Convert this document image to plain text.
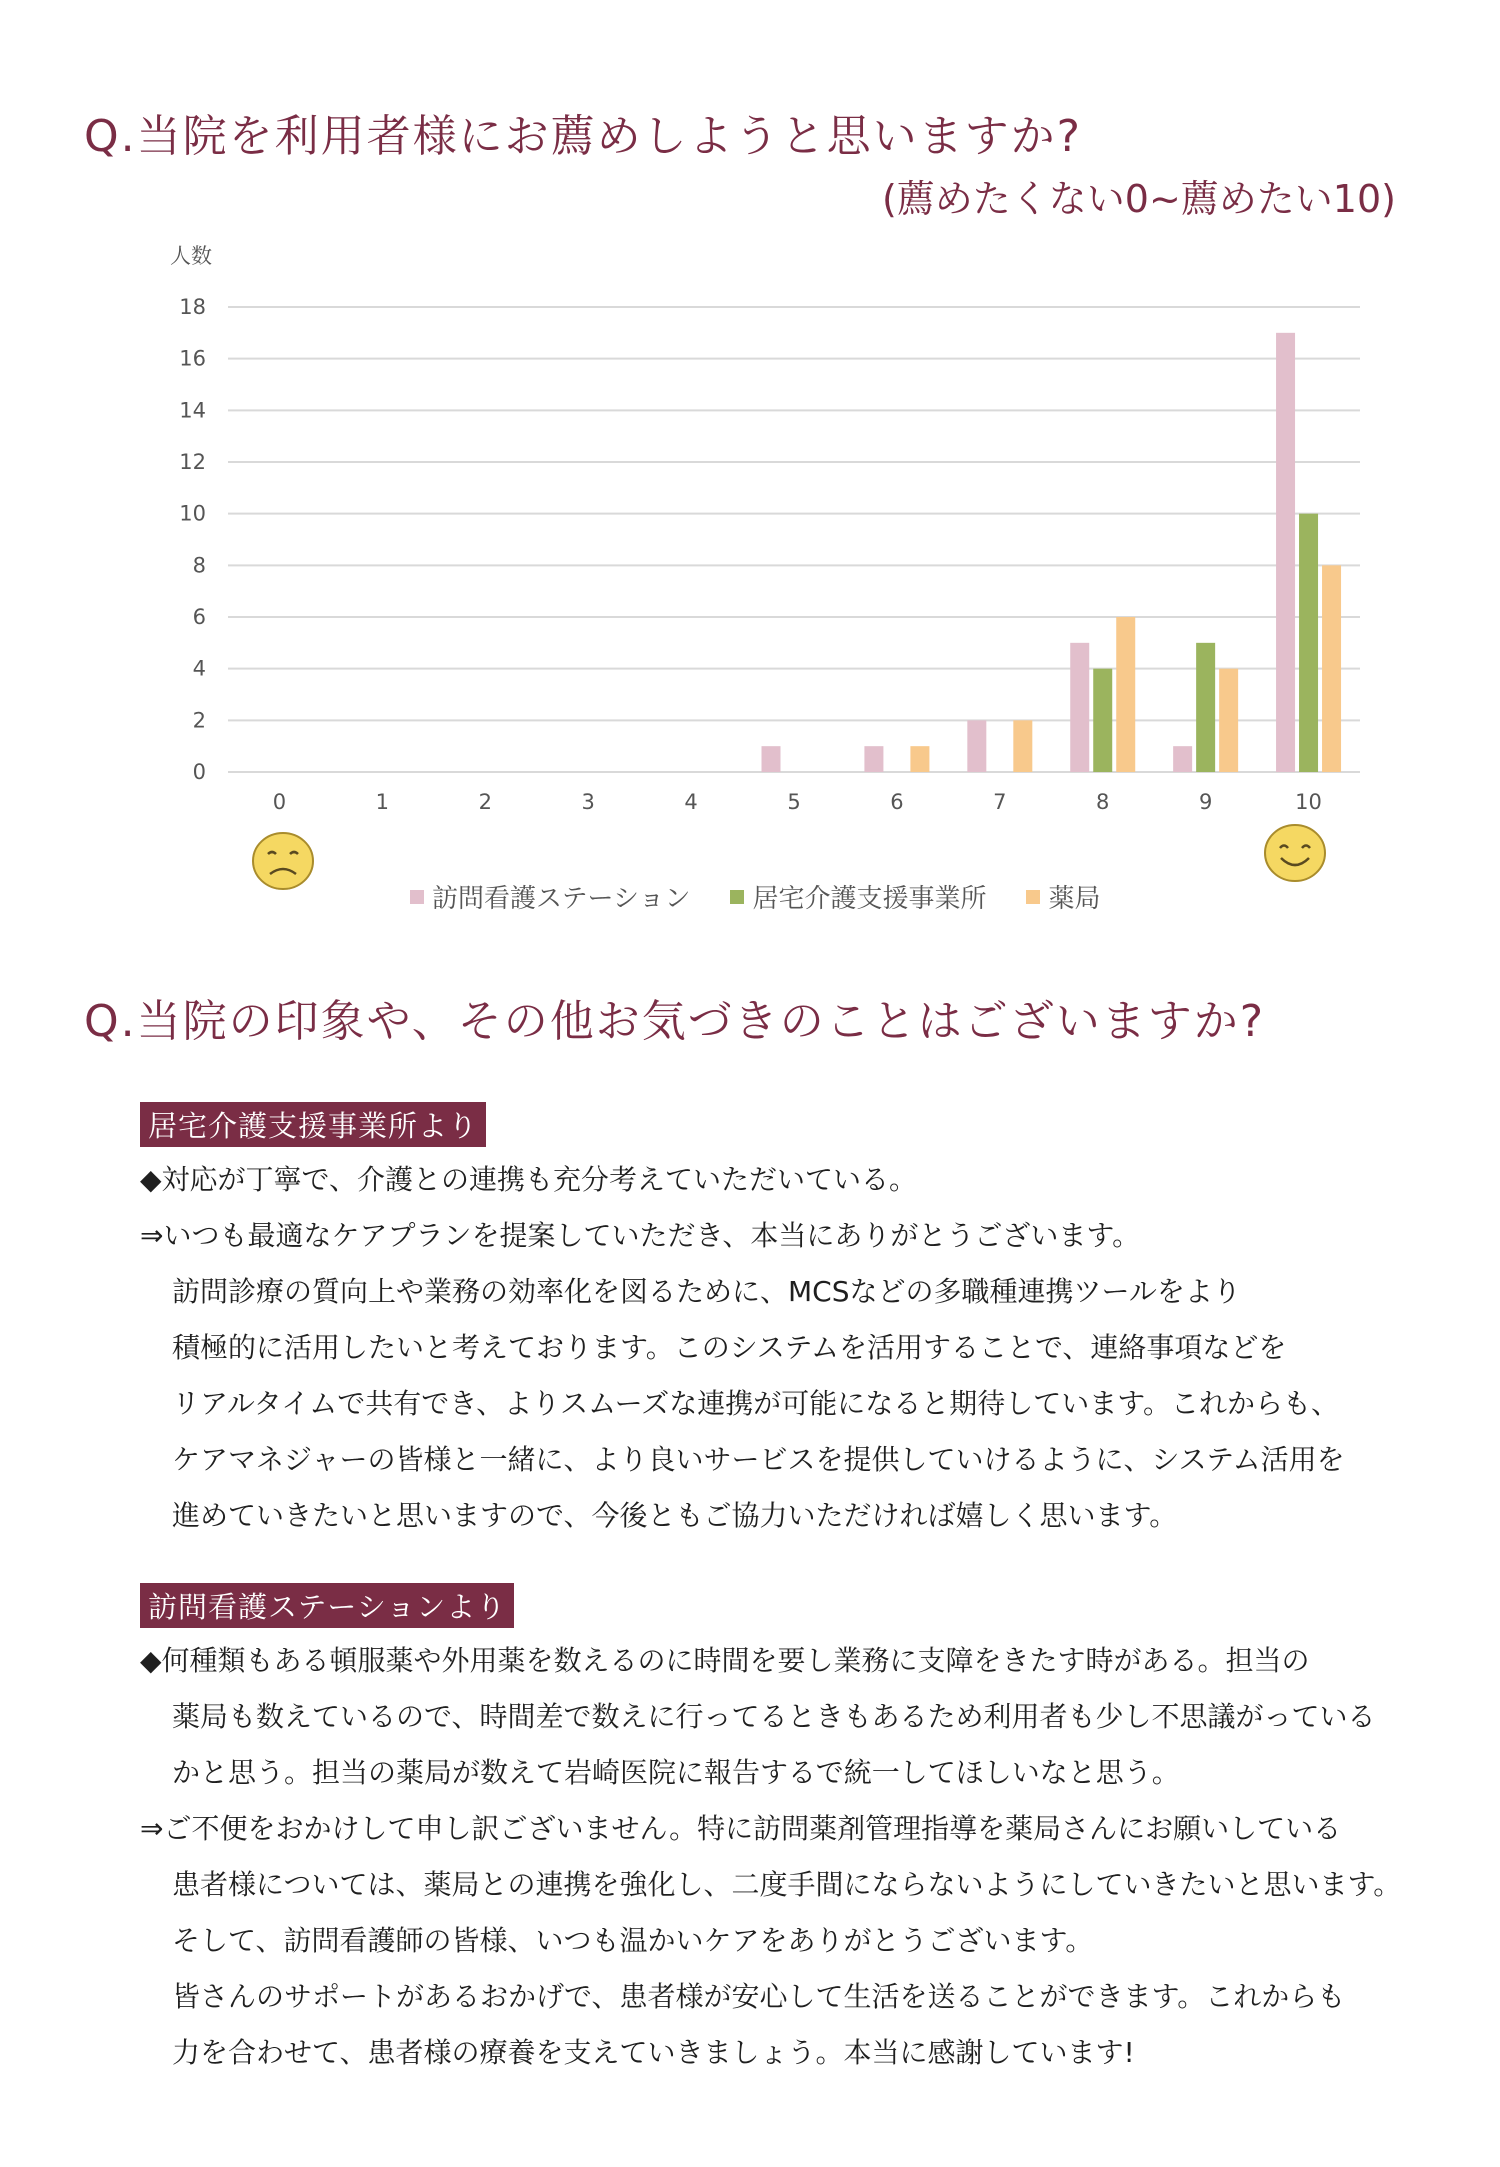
Q.当院を利用者様にお薦めしようと思いますか?
(薦めたくない0~薦めたい10)
人数
0
2
4
6
8
10
12
14
16
18
0	1	2	3	4	5	6	7	8	9	10
訪問看護ステーション 居宅介護支援事業所 薬局
Q.当院の印象や、その他お気づきのことはございますか?
居宅介護支援事業所より
◆対応が丁寧で、介護との連携も充分考えていただいている。
⇒いつも最適なケアプランを提案していただき、本当にありがとうございます。
訪問診療の質向上や業務の効率化を図るために、MCSなどの多職種連携ツールをより
積極的に活用したいと考えております。このシステムを活用することで、連絡事項などを
リアルタイムで共有でき、よりスムーズな連携が可能になると期待しています。これからも、
ケアマネジャーの皆様と一緒に、より良いサービスを提供していけるように、システム活用を
進めていきたいと思いますので、今後ともご協力いただければ嬉しく思います。
訪問看護ステーションより
◆何種類もある頓服薬や外用薬を数えるのに時間を要し業務に支障をきたす時がある。担当の
薬局も数えているので、時間差で数えに行ってるときもあるため利用者も少し不思議がっている
かと思う。担当の薬局が数えて岩崎医院に報告するで統一してほしいなと思う。
⇒ご不便をおかけして申し訳ございません。特に訪問薬剤管理指導を薬局さんにお願いしている
患者様については、薬局との連携を強化し、二度手間にならないようにしていきたいと思います。
そして、訪問看護師の皆様、いつも温かいケアをありがとうございます。
皆さんのサポートがあるおかげで、患者様が安心して生活を送ることができます。これからも
力を合わせて、患者様の療養を支えていきましょう。本当に感謝しています!
